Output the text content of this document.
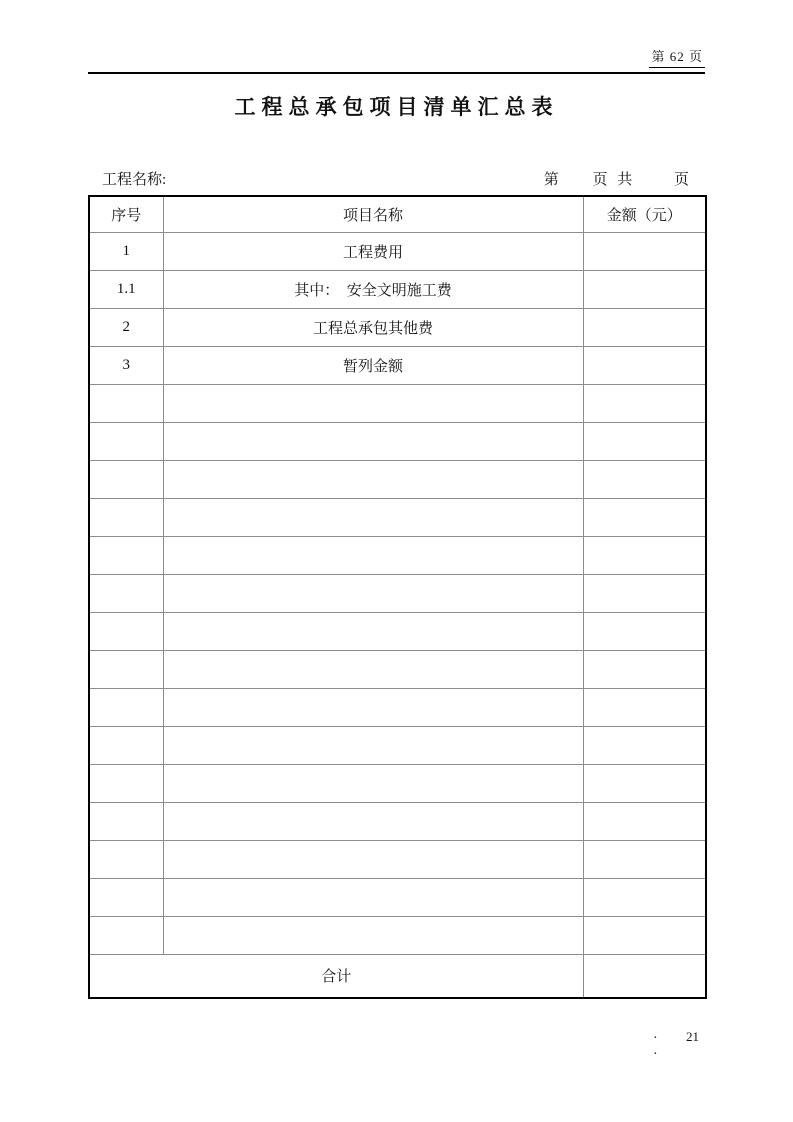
第 62 页
工程总承包项目清单汇总表
工程名称:	第 页 共	页
序号	项目名称	金额（元）
1	工程费用	
1.1	其中：　安全文明施工费	
2	工程总承包其他费	
3	暂列金额	

合计		
· 21
·
